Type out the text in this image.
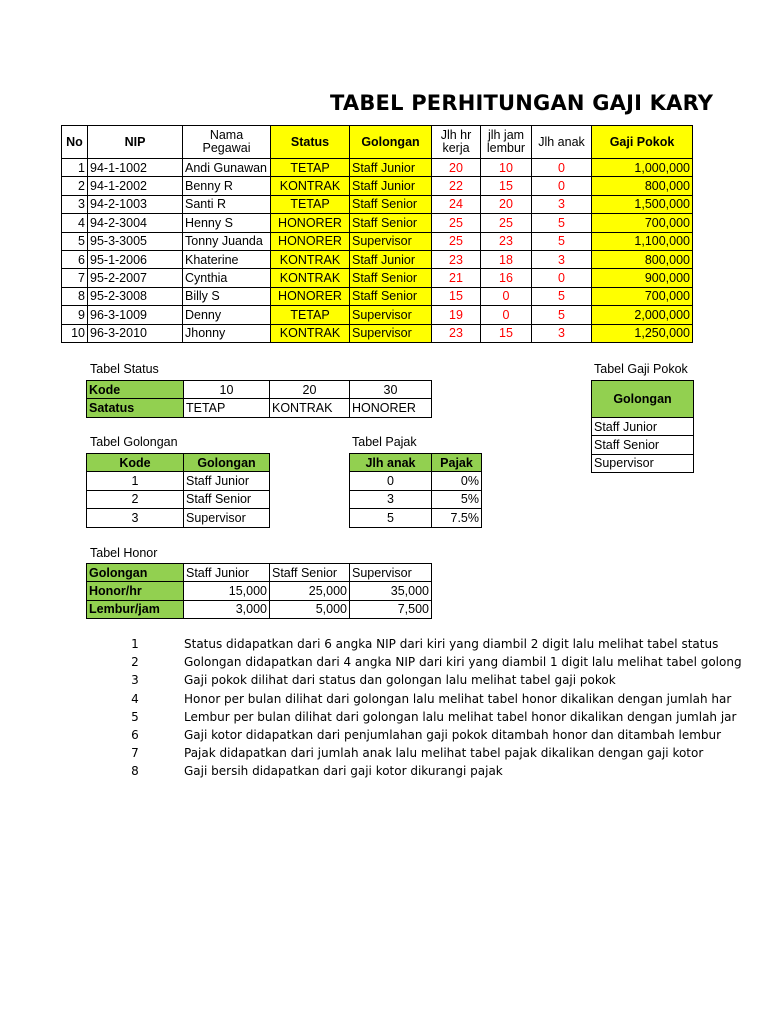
TABEL PERHITUNGAN GAJI KARY
No	NIP	Nama Pegawai	Status	Golongan	Jlh hr kerja	jlh jam lembur	Jlh anak	Gaji Pokok
1	94-1-1002	Andi Gunawan	TETAP	Staff Junior	20	10	0	1,000,000
2	94-1-2002	Benny R	KONTRAK	Staff Junior	22	15	0	800,000
3	94-2-1003	Santi R	TETAP	Staff Senior	24	20	3	1,500,000
4	94-2-3004	Henny S	HONORER	Staff Senior	25	25	5	700,000
5	95-3-3005	Tonny Juanda	HONORER	Supervisor	25	23	5	1,100,000
6	95-1-2006	Khaterine	KONTRAK	Staff Junior	23	18	3	800,000
7	95-2-2007	Cynthia	KONTRAK	Staff Senior	21	16	0	900,000
8	95-2-3008	Billy S	HONORER	Staff Senior	15	0	5	700,000
9	96-3-1009	Denny	TETAP	Supervisor	19	0	5	2,000,000
10	96-3-2010	Jhonny	KONTRAK	Supervisor	23	15	3	1,250,000
Tabel Status
Kode	10	20	30
Satatus	TETAP	KONTRAK	HONORER
Tabel Golongan
Kode	Golongan
1	Staff Junior
2	Staff Senior
3	Supervisor
Tabel Pajak
Jlh anak	Pajak
0	0%
3	5%
5	7.5%
Tabel Honor
Golongan	Staff Junior	Staff Senior	Supervisor
Honor/hr	15,000	25,000	35,000
Lembur/jam	3,000	5,000	7,500
Tabel Gaji Pokok
Golongan
Staff Junior
Staff Senior
Supervisor
1	Status didapatkan dari 6 angka NIP dari kiri yang diambil 2 digit lalu melihat tabel status
2	Golongan didapatkan dari 4 angka NIP dari kiri yang diambil 1 digit lalu melihat tabel golong
3	Gaji pokok dilihat dari status dan golongan lalu melihat tabel gaji pokok
4	Honor per bulan dilihat dari golongan lalu melihat tabel honor dikalikan dengan jumlah har
5	Lembur per bulan dilihat dari golongan lalu melihat tabel honor dikalikan dengan jumlah jar
6	Gaji kotor didapatkan dari penjumlahan gaji pokok ditambah honor dan ditambah lembur
7	Pajak didapatkan dari jumlah anak lalu melihat tabel pajak dikalikan dengan gaji kotor
8	Gaji bersih didapatkan dari gaji kotor dikurangi pajak
